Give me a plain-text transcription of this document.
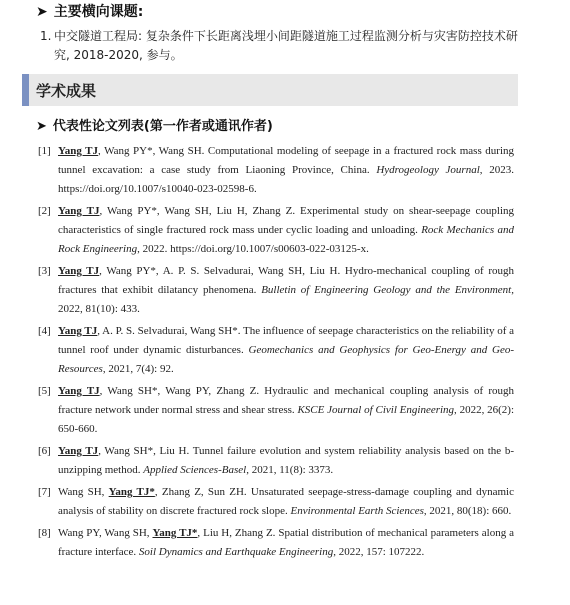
➤ 主要横向课题:
1. 中交隧道工程局: 复杂条件下长距离浅埋小间距隧道施工过程监测分析与灾害防控技术研究, 2018-2020, 参与。
学术成果
➤ 代表性论文列表(第一作者或通讯作者)
[1] Yang TJ, Wang PY*, Wang SH. Computational modeling of seepage in a fractured rock mass during tunnel excavation: a case study from Liaoning Province, China. Hydrogeology Journal, 2023. https://doi.org/10.1007/s10040-023-02598-6.
[2] Yang TJ, Wang PY*, Wang SH, Liu H, Zhang Z. Experimental study on shear-seepage coupling characteristics of single fractured rock mass under cyclic loading and unloading. Rock Mechanics and Rock Engineering, 2022. https://doi.org/10.1007/s00603-022-03125-x.
[3] Yang TJ, Wang PY*, A. P. S. Selvadurai, Wang SH, Liu H. Hydro-mechanical coupling of rough fractures that exhibit dilatancy phenomena. Bulletin of Engineering Geology and the Environment, 2022, 81(10): 433.
[4] Yang TJ, A. P. S. Selvadurai, Wang SH*. The influence of seepage characteristics on the reliability of a tunnel roof under dynamic disturbances. Geomechanics and Geophysics for Geo-Energy and Geo-Resources, 2021, 7(4): 92.
[5] Yang TJ, Wang SH*, Wang PY, Zhang Z. Hydraulic and mechanical coupling analysis of rough fracture network under normal stress and shear stress. KSCE Journal of Civil Engineering, 2022, 26(2): 650-660.
[6] Yang TJ, Wang SH*, Liu H. Tunnel failure evolution and system reliability analysis based on the b-unzipping method. Applied Sciences-Basel, 2021, 11(8): 3373.
[7] Wang SH, Yang TJ*, Zhang Z, Sun ZH. Unsaturated seepage-stress-damage coupling and dynamic analysis of stability on discrete fractured rock slope. Environmental Earth Sciences, 2021, 80(18): 660.
[8] Wang PY, Wang SH, Yang TJ*, Liu H, Zhang Z. Spatial distribution of mechanical parameters along a fracture interface. Soil Dynamics and Earthquake Engineering, 2022, 157: 107222.
